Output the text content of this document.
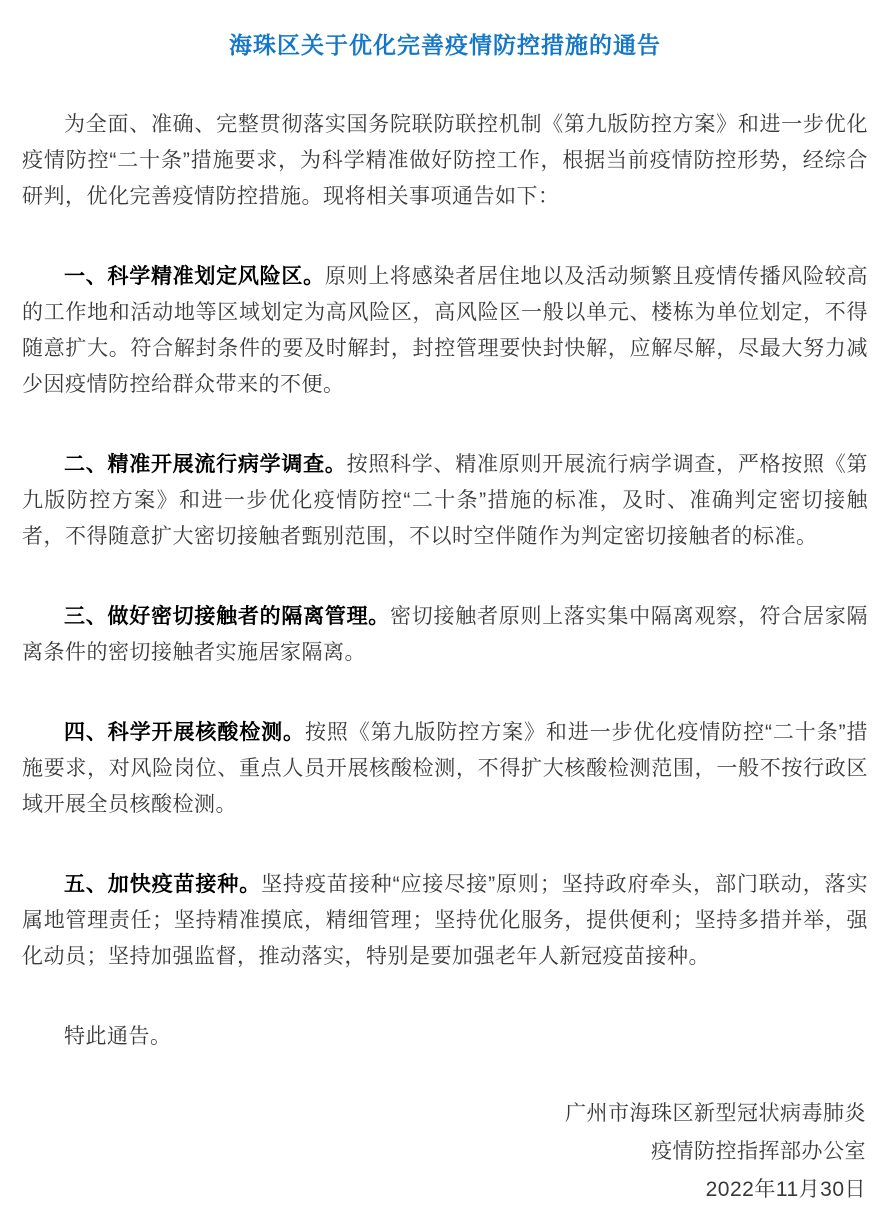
海珠区关于优化完善疫情防控措施的通告

为全面、准确、完整贯彻落实国务院联防联控机制《第九版防控方案》和进一步优化疫情防控“二十条”措施要求，为科学精准做好防控工作，根据当前疫情防控形势，经综合研判，优化完善疫情防控措施。现将相关事项通告如下：

一、科学精准划定风险区。原则上将感染者居住地以及活动频繁且疫情传播风险较高的工作地和活动地等区域划定为高风险区，高风险区一般以单元、楼栋为单位划定，不得随意扩大。符合解封条件的要及时解封，封控管理要快封快解，应解尽解，尽最大努力减少因疫情防控给群众带来的不便。

二、精准开展流行病学调查。按照科学、精准原则开展流行病学调查，严格按照《第九版防控方案》和进一步优化疫情防控“二十条”措施的标准，及时、准确判定密切接触者，不得随意扩大密切接触者甄别范围，不以时空伴随作为判定密切接触者的标准。

三、做好密切接触者的隔离管理。密切接触者原则上落实集中隔离观察，符合居家隔离条件的密切接触者实施居家隔离。

四、科学开展核酸检测。按照《第九版防控方案》和进一步优化疫情防控“二十条”措施要求，对风险岗位、重点人员开展核酸检测，不得扩大核酸检测范围，一般不按行政区域开展全员核酸检测。

五、加快疫苗接种。坚持疫苗接种“应接尽接”原则；坚持政府牵头，部门联动，落实属地管理责任；坚持精准摸底，精细管理；坚持优化服务，提供便利；坚持多措并举，强化动员；坚持加强监督，推动落实，特别是要加强老年人新冠疫苗接种。

特此通告。

广州市海珠区新型冠状病毒肺炎

疫情防控指挥部办公室

2022年11月30日
